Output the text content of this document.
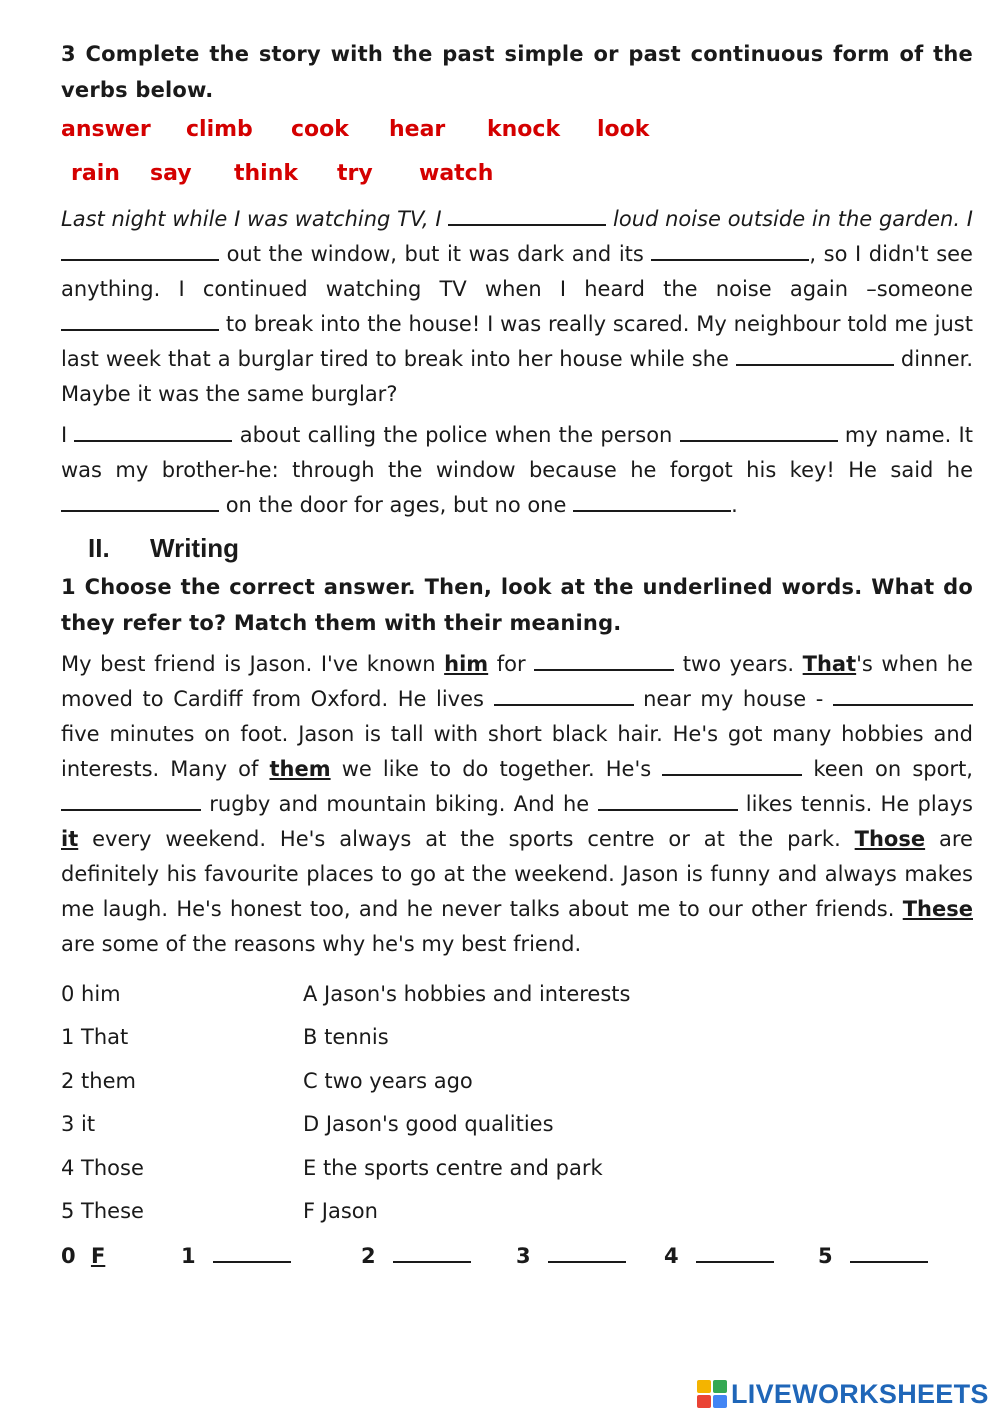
3 Complete the story with the past simple or past continuous form of the verbs below.

answer climb cook hear knock look
rain say think try watch

Last night while I was watching TV, I	loud noise outside in the garden. I  out the window, but it was dark and its	, so I didn't see anything. I continued watching TV when I heard the noise again –someone  to break into the house! I was really scared. My neighbour told me just last week that a burglar tired to break into her house while she	dinner. Maybe it was the same burglar?

I	about calling the police when the person	my name. It was my brother-he: through the window because he forgot his key! He said he  on the door for ages, but no one	.

II. Writing

1 Choose the correct answer. Then, look at the underlined words. What do they refer to? Match them with their meaning.

My best friend is Jason. I've known him for	two years. That's when he moved to Cardiff from Oxford. He lives	near my house -  five minutes on foot. Jason is tall with short black hair. He's got many hobbies and interests. Many of them we like to do together. He's	keen on sport,  rugby and mountain biking. And he	likes tennis. He plays it every weekend. He's always at the sports centre or at the park. Those are definitely his favourite places to go at the weekend. Jason is funny and always makes me laugh. He's honest too, and he never talks about me to our other friends. These are some of the reasons why he's my best friend.

0 him	A Jason's hobbies and interests
1 That	B tennis
2 them	C two years ago
3 it	D Jason's good qualities
4 Those	E the sports centre and park
5 These	F Jason
0 F	1	2	3	4	5
LIVEWORKSHEETS
